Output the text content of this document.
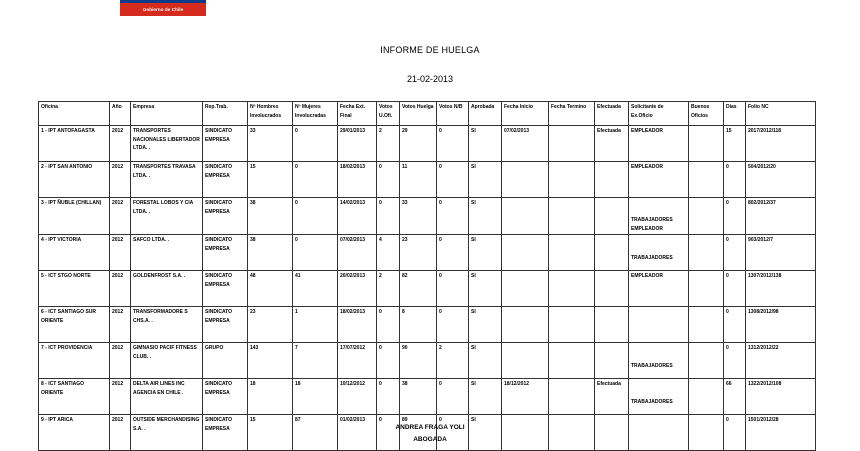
Gobierno de Chile
INFORME DE HUELGA
21-02-2013
Oficina	Año	Empresa	Rep.Trab.	Nº Hombres Involucrados	Nº Mujeres Involucradas	Fecha Ext. Final	Votos U.Ofi.	Votos Huelga	Votos N/B	Aprobada	Fecha Inicio	Fecha Termino	Efectuada	Solicitante de Ex.Oficio	Buenos Oficios	Días	Folio NC
1 - IPT ANTOFAGASTA	2012	TRANSPORTES NACIONALES LIBERTADOR LTDA. .	SINDICATO EMPRESA	33	0	29/01/2013	2	29	0	SI	07/02/2013		Efectuada	EMPLEADOR		15	2017/2012/118
2 - IPT SAN ANTONIO	2012	TRANSPORTES TRAVASA LTDA. .	SINDICATO EMPRESA	15	0	18/02/2013	0	11	0	SI				EMPLEADOR		0	504/2012/20
3 - IPT ÑUBLE (CHILLAN)	2012	FORESTAL LOBOS Y CIA LTDA. .	SINDICATO EMPRESA	38	0	14/02/2013	0	33	0	SI				TRABAJADORES EMPLEADOR		0	802/2012/37
4 - IPT VICTORIA	2012	SAFCO LTDA. .	SINDICATO EMPRESA	38	0	07/02/2013	4	23	0	SI				TRABAJADORES		0	903/2012/7
5 - ICT STGO NORTE	2012	GOLDENFROST S.A. .	SINDICATO EMPRESA	48	41	20/02/2013	2	82	0	SI				EMPLEADOR		0	1307/2012/138
6 - ICT SANTIAGO SUR ORIENTE	2012	TRANSFORMADORE S CHS.A. .	SINDICATO EMPRESA	23	1	18/02/2013	0	8	0	SI						0	1308/2012/98
7 - ICT PROVIDENCIA	2012	GIMNASIO PACIF FITNESS CLUB. .	GRUPO	143	7	17/07/2012	0	90	2	SI				TRABAJADORES		0	1312/2012/22
8 - ICT SANTIAGO ORIENTE	2012	DELTA AIR LINES INC AGENCIA EN CHILE .	SINDICATO EMPRESA	18	18	10/12/2012	0	38	0	SI	18/12/2012		Efectuada	TRABAJADORES		66	1322/2012/108
9 - IPT ARICA	2012	OUTSIDE MERCHANDISING S.A. .	SINDICATO EMPRESA	15	87	01/02/2013	0	89	0	SI						0	1501/2012/28
ANDREA FRAGA YOLI
ABOGADA
